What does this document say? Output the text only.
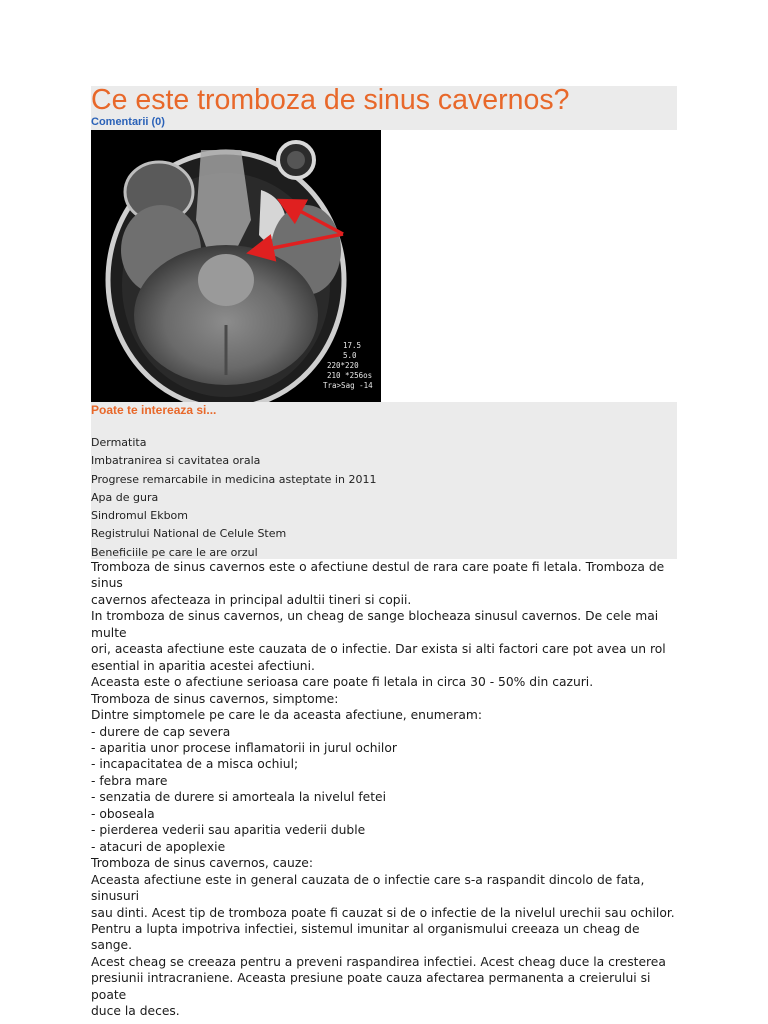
Ce este tromboza de sinus cavernos?
Comentarii (0)
17.5
5.0
220*220
210 *256os
Tra>Sag -14
Poate te intereaza si...
Dermatita
Imbatranirea si cavitatea orala
Progrese remarcabile in medicina asteptate in 2011
Apa de gura
Sindromul Ekbom
Registrului National de Celule Stem
Beneficiile pe care le are orzul

Tromboza de sinus cavernos este o afectiune destul de rara care poate fi letala. Tromboza de sinus

cavernos afecteaza in principal adultii tineri si copii.

In tromboza de sinus cavernos, un cheag de sange blocheaza sinusul cavernos. De cele mai multe

ori, aceasta afectiune este cauzata de o infectie. Dar exista si alti factori care pot avea un rol

esential in aparitia acestei afectiuni.

Aceasta este o afectiune serioasa care poate fi letala in circa 30 - 50% din cazuri.

Tromboza de sinus cavernos, simptome:

Dintre simptomele pe care le da aceasta afectiune, enumeram:

- durere de cap severa

- aparitia unor procese inflamatorii in jurul ochilor

- incapacitatea de a misca ochiul;

- febra mare

- senzatia de durere si amorteala la nivelul fetei

- oboseala

- pierderea vederii sau aparitia vederii duble

- atacuri de apoplexie

Tromboza de sinus cavernos, cauze:

Aceasta afectiune este in general cauzata de o infectie care s-a raspandit dincolo de fata, sinusuri

sau dinti. Acest tip de tromboza poate fi cauzat si de o infectie de la nivelul urechii sau ochilor.

Pentru a lupta impotriva infectiei, sistemul imunitar al organismului creeaza un cheag de sange.

Acest cheag se creeaza pentru a preveni raspandirea infectiei. Acest cheag duce la cresterea

presiunii intracraniene. Aceasta presiune poate cauza afectarea permanenta a creierului si poate

duce la deces.
